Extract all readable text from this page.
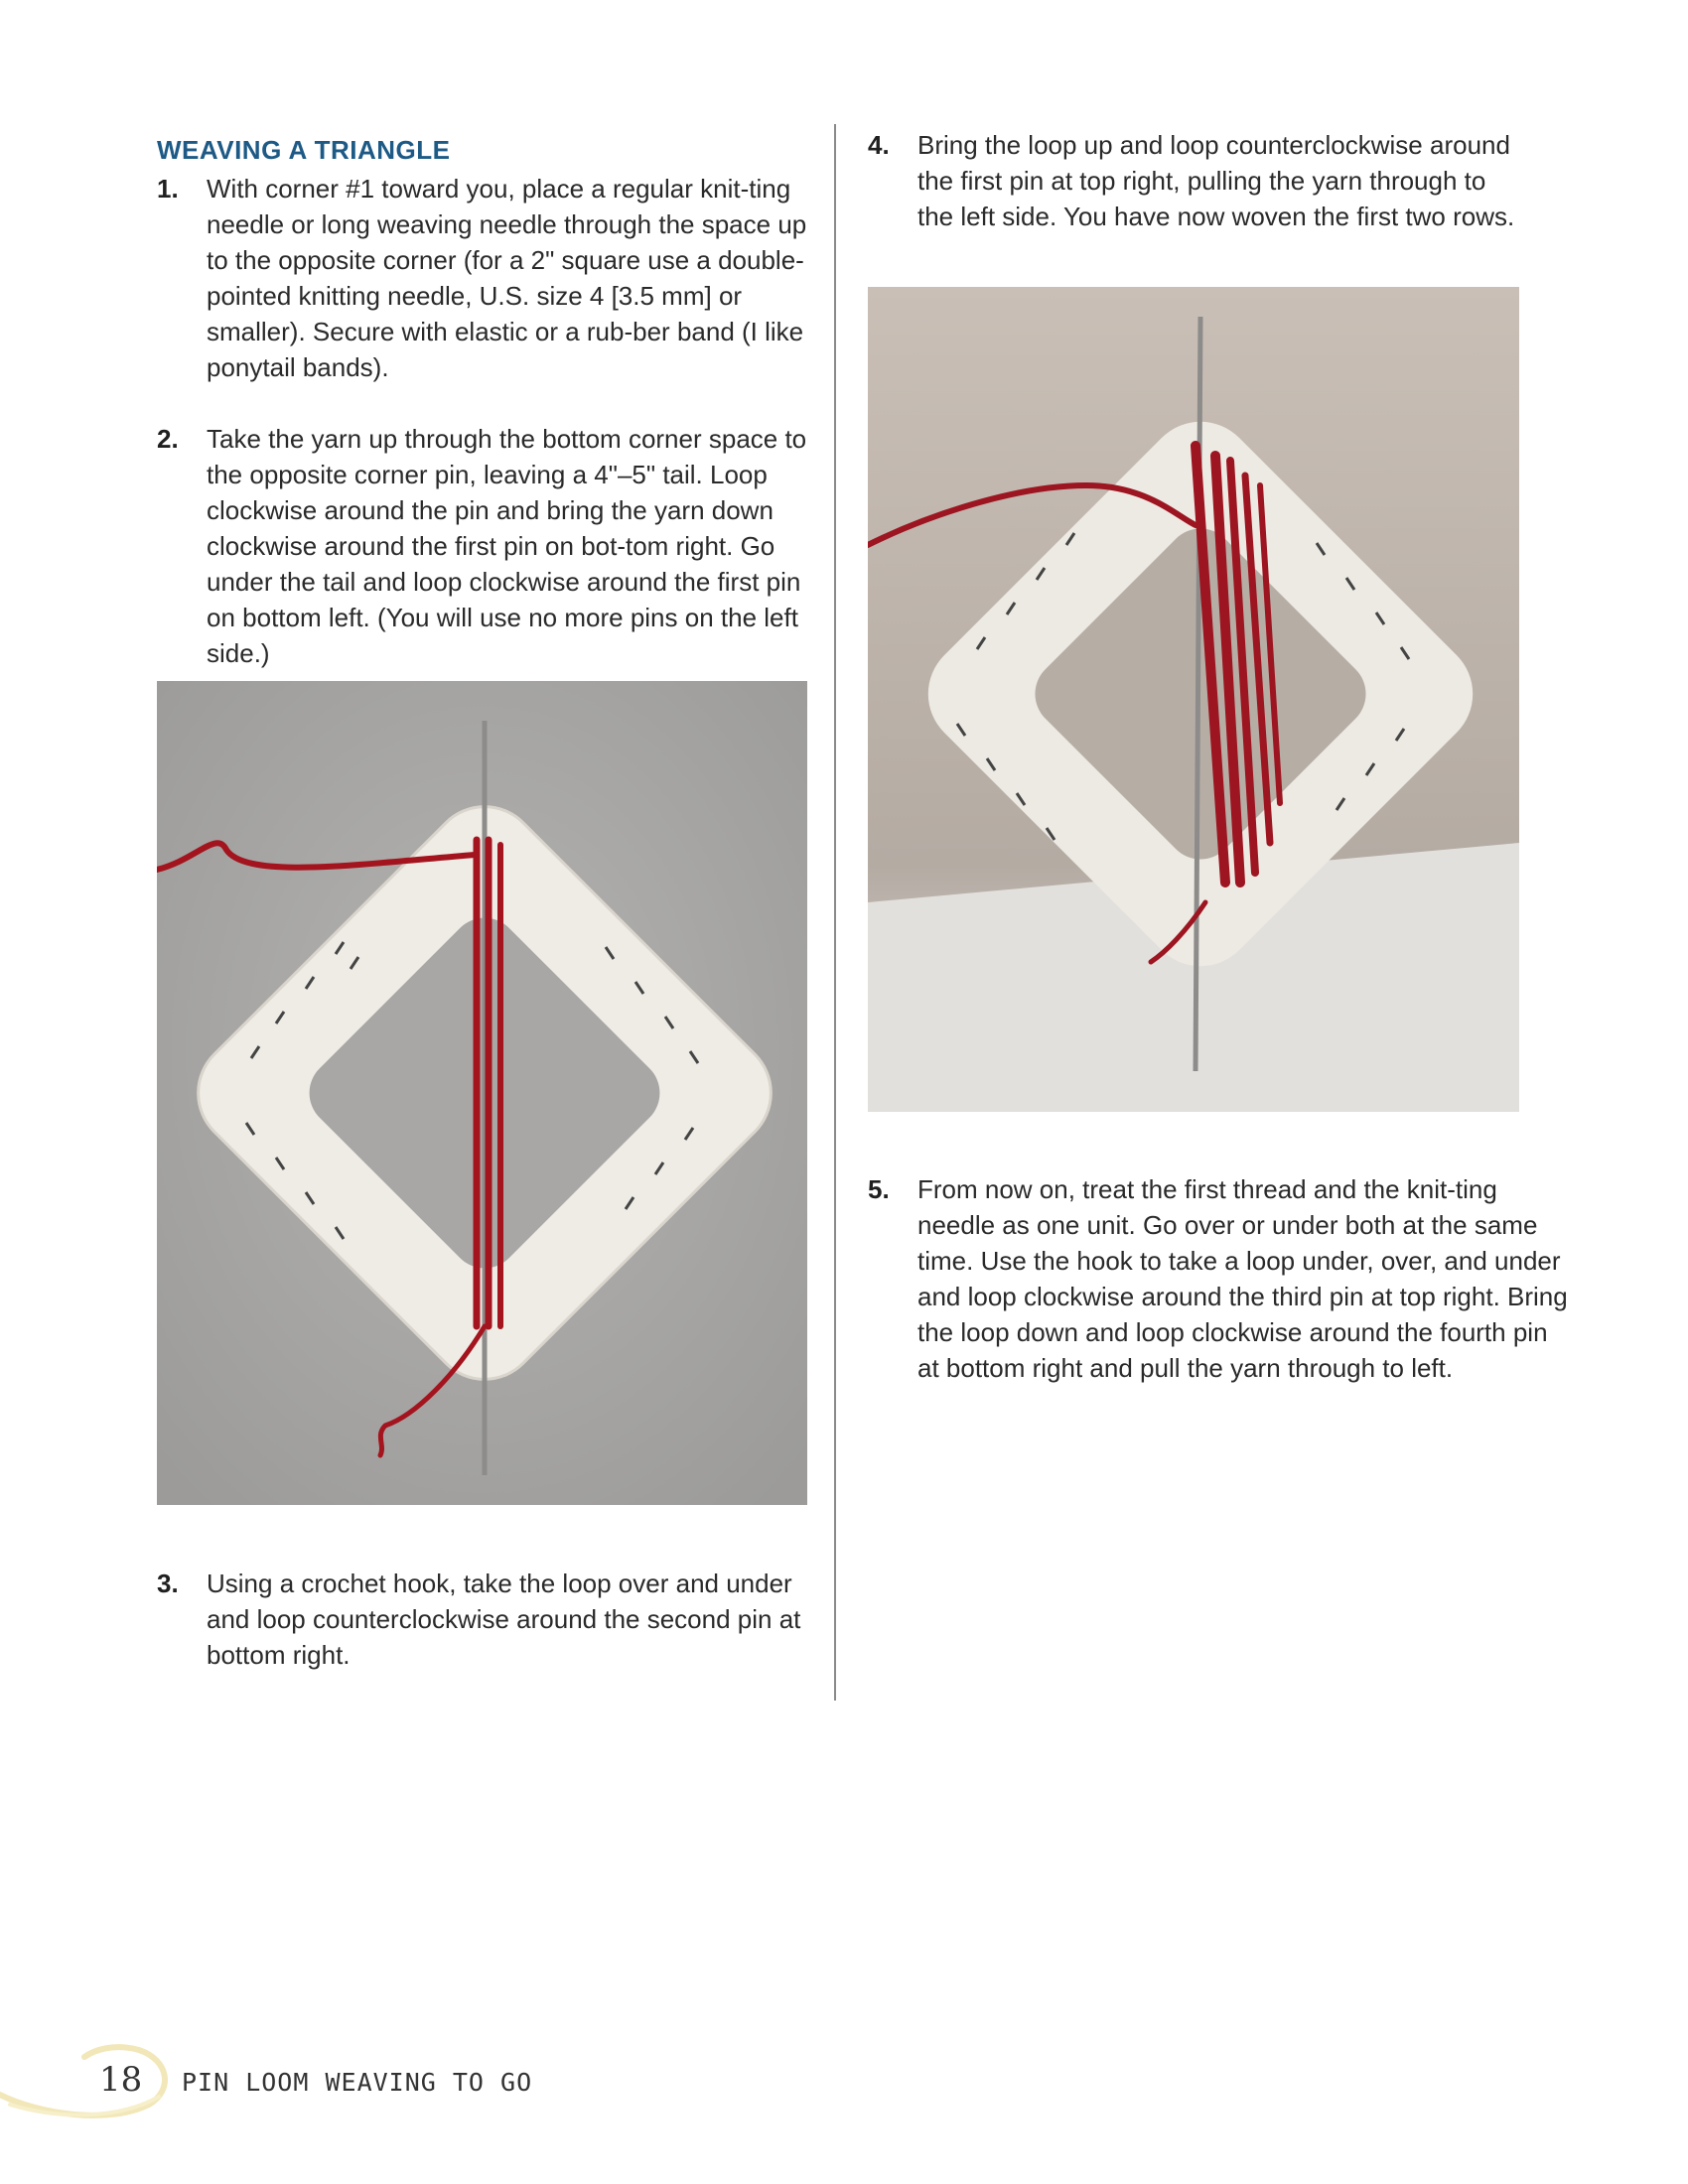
WEAVING A TRIANGLE

1. With corner #1 toward you, place a regular knit-ting needle or long weaving needle through the space up to the opposite corner (for a 2" square use a double-pointed knitting needle, U.S. size 4 [3.5 mm] or smaller). Secure with elastic or a rub-ber band (I like ponytail bands).

2. Take the yarn up through the bottom corner space to the opposite corner pin, leaving a 4"–5" tail. Loop clockwise around the pin and bring the yarn down clockwise around the first pin on bot-tom right. Go under the tail and loop clockwise around the first pin on bottom left. (You will use no more pins on the left side.)

3. Using a crochet hook, take the loop over and under and loop counterclockwise around the second pin at bottom right.

4. Bring the loop up and loop counterclockwise around the first pin at top right, pulling the yarn through to the left side. You have now woven the first two rows.

5. From now on, treat the first thread and the knit-ting needle as one unit. Go over or under both at the same time. Use the hook to take a loop under, over, and under and loop clockwise around the third pin at top right. Bring the loop down and loop clockwise around the fourth pin at bottom right and pull the yarn through to left.

18 PIN LOOM WEAVING TO GO
